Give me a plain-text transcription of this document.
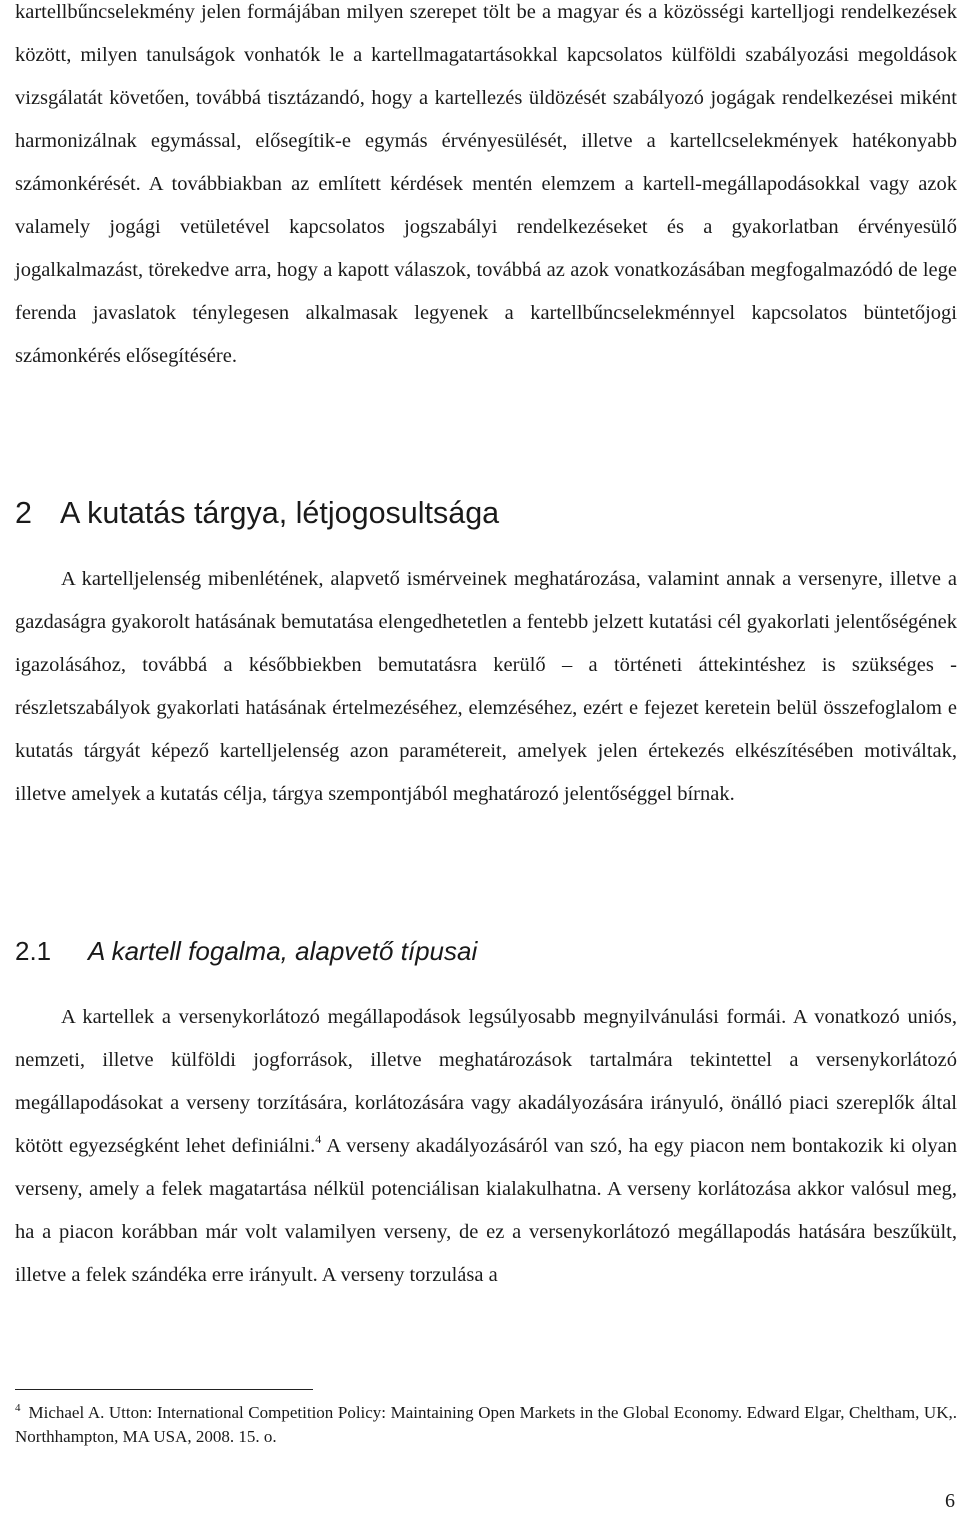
kartellbűncselekmény jelen formájában milyen szerepet tölt be a magyar és a közösségi kartelljogi rendelkezések között, milyen tanulságok vonhatók le a kartellmagatartásokkal kapcsolatos külföldi szabályozási megoldások vizsgálatát követően, továbbá tisztázandó, hogy a kartellezés üldözését szabályozó jogágak rendelkezései miként harmonizálnak egymással, elősegítik-e egymás érvényesülését, illetve a kartellcselekmények hatékonyabb számonkérését. A továbbiakban az említett kérdések mentén elemzem a kartell-megállapodásokkal vagy azok valamely jogági vetületével kapcsolatos jogszabályi rendelkezéseket és a gyakorlatban érvényesülő jogalkalmazást, törekedve arra, hogy a kapott válaszok, továbbá az azok vonatkozásában megfogalmazódó de lege ferenda javaslatok ténylegesen alkalmasak legyenek a kartellbűncselekménnyel kapcsolatos büntetőjogi számonkérés elősegítésére.

2 A kutatás tárgya, létjogosultsága

A kartelljelenség mibenlétének, alapvető ismérveinek meghatározása, valamint annak a versenyre, illetve a gazdaságra gyakorolt hatásának bemutatása elengedhetetlen a fentebb jelzett kutatási cél gyakorlati jelentőségének igazolásához, továbbá a későbbiekben bemutatásra kerülő – a történeti áttekintéshez is szükséges - részletszabályok gyakorlati hatásának értelmezéséhez, elemzéséhez, ezért e fejezet keretein belül összefoglalom e kutatás tárgyát képező kartelljelenség azon paramétereit, amelyek jelen értekezés elkészítésében motiváltak, illetve amelyek a kutatás célja, tárgya szempontjából meghatározó jelentőséggel bírnak.

2.1 A kartell fogalma, alapvető típusai

A kartellek a versenykorlátozó megállapodások legsúlyosabb megnyilvánulási formái. A vonatkozó uniós, nemzeti, illetve külföldi jogforrások, illetve meghatározások tartalmára tekintettel a versenykorlátozó megállapodásokat a verseny torzítására, korlátozására vagy akadályozására irányuló, önálló piaci szereplők által kötött egyezségként lehet definiálni.$^4$ A verseny akadályozásáról van szó, ha egy piacon nem bontakozik ki olyan verseny, amely a felek magatartása nélkül potenciálisan kialakulhatna. A verseny korlátozása akkor valósul meg, ha a piacon korábban már volt valamilyen verseny, de ez a versenykorlátozó megállapodás hatására beszűkült, illetve a felek szándéka erre irányult. A verseny torzulása a

$^4$ Michael A. Utton: International Competition Policy: Maintaining Open Markets in the Global Economy. Edward Elgar, Cheltham, UK,. Northhampton, MA USA, 2008. 15. o.

6
